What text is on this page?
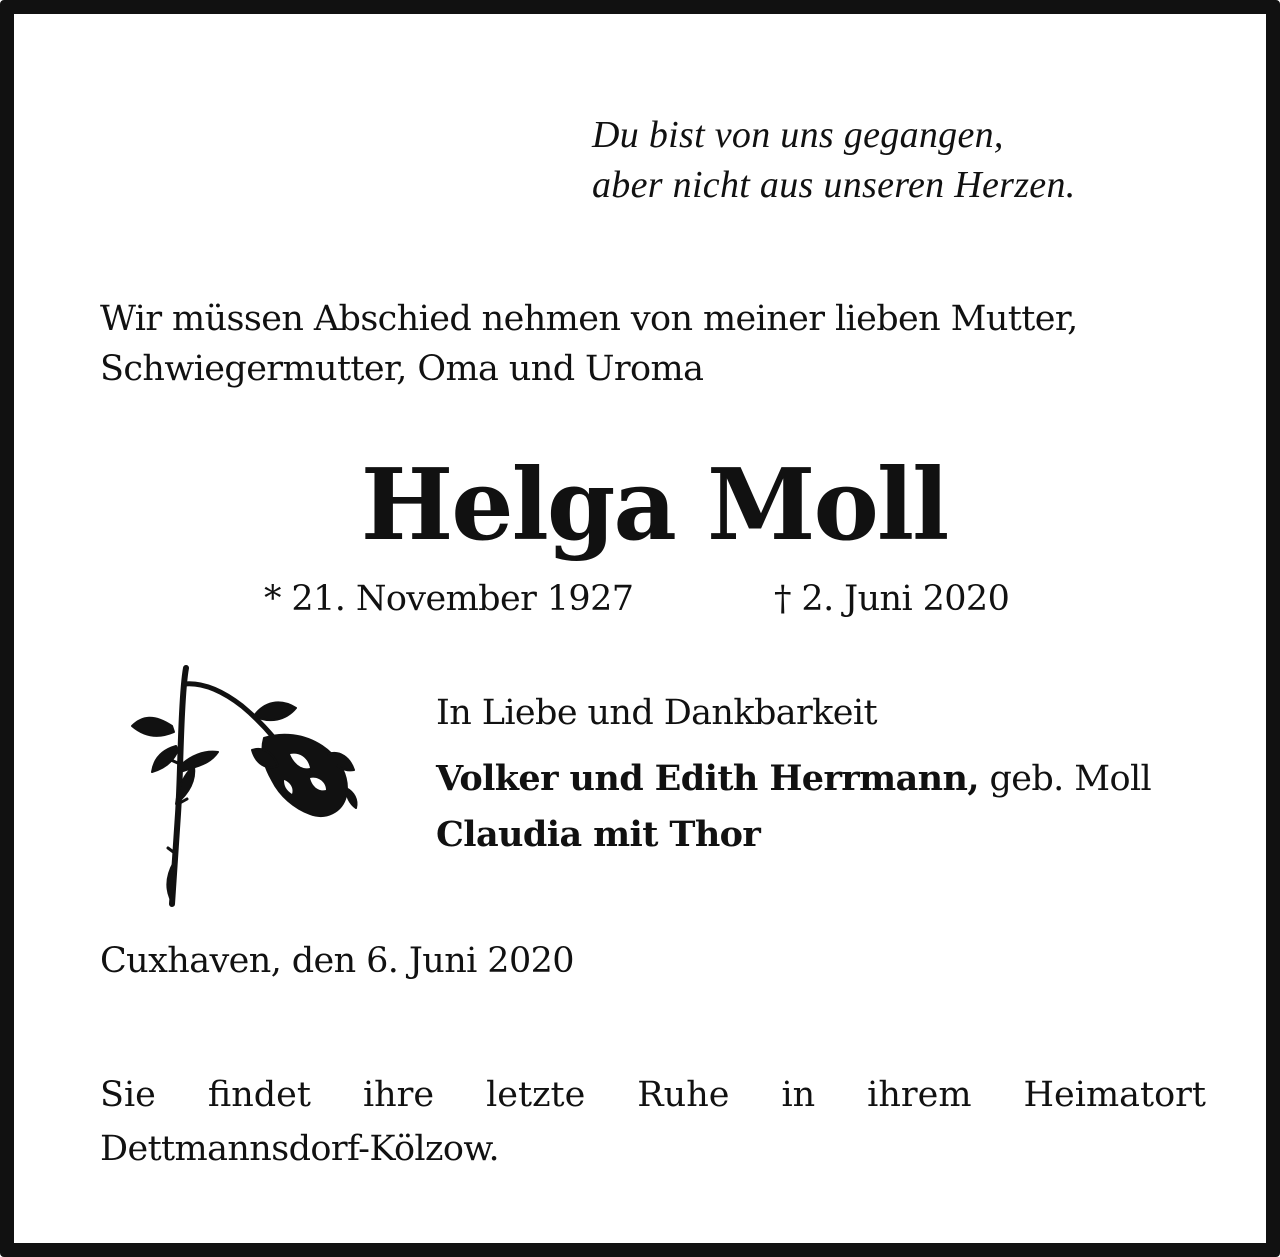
Du bist von uns gegangen,
aber nicht aus unseren Herzen.
Wir müssen Abschied nehmen von meiner lieben Mutter,
Schwiegermutter, Oma und Uroma
Helga Moll
* 21. November 1927	† 2. Juni 2020
In Liebe und Dankbarkeit
Volker und Edith Herrmann, geb. Moll
Claudia mit Thor
Cuxhaven, den 6. Juni 2020
Sie findet ihre letzte Ruhe in ihrem Heimatort
Dettmannsdorf-Kölzow.
